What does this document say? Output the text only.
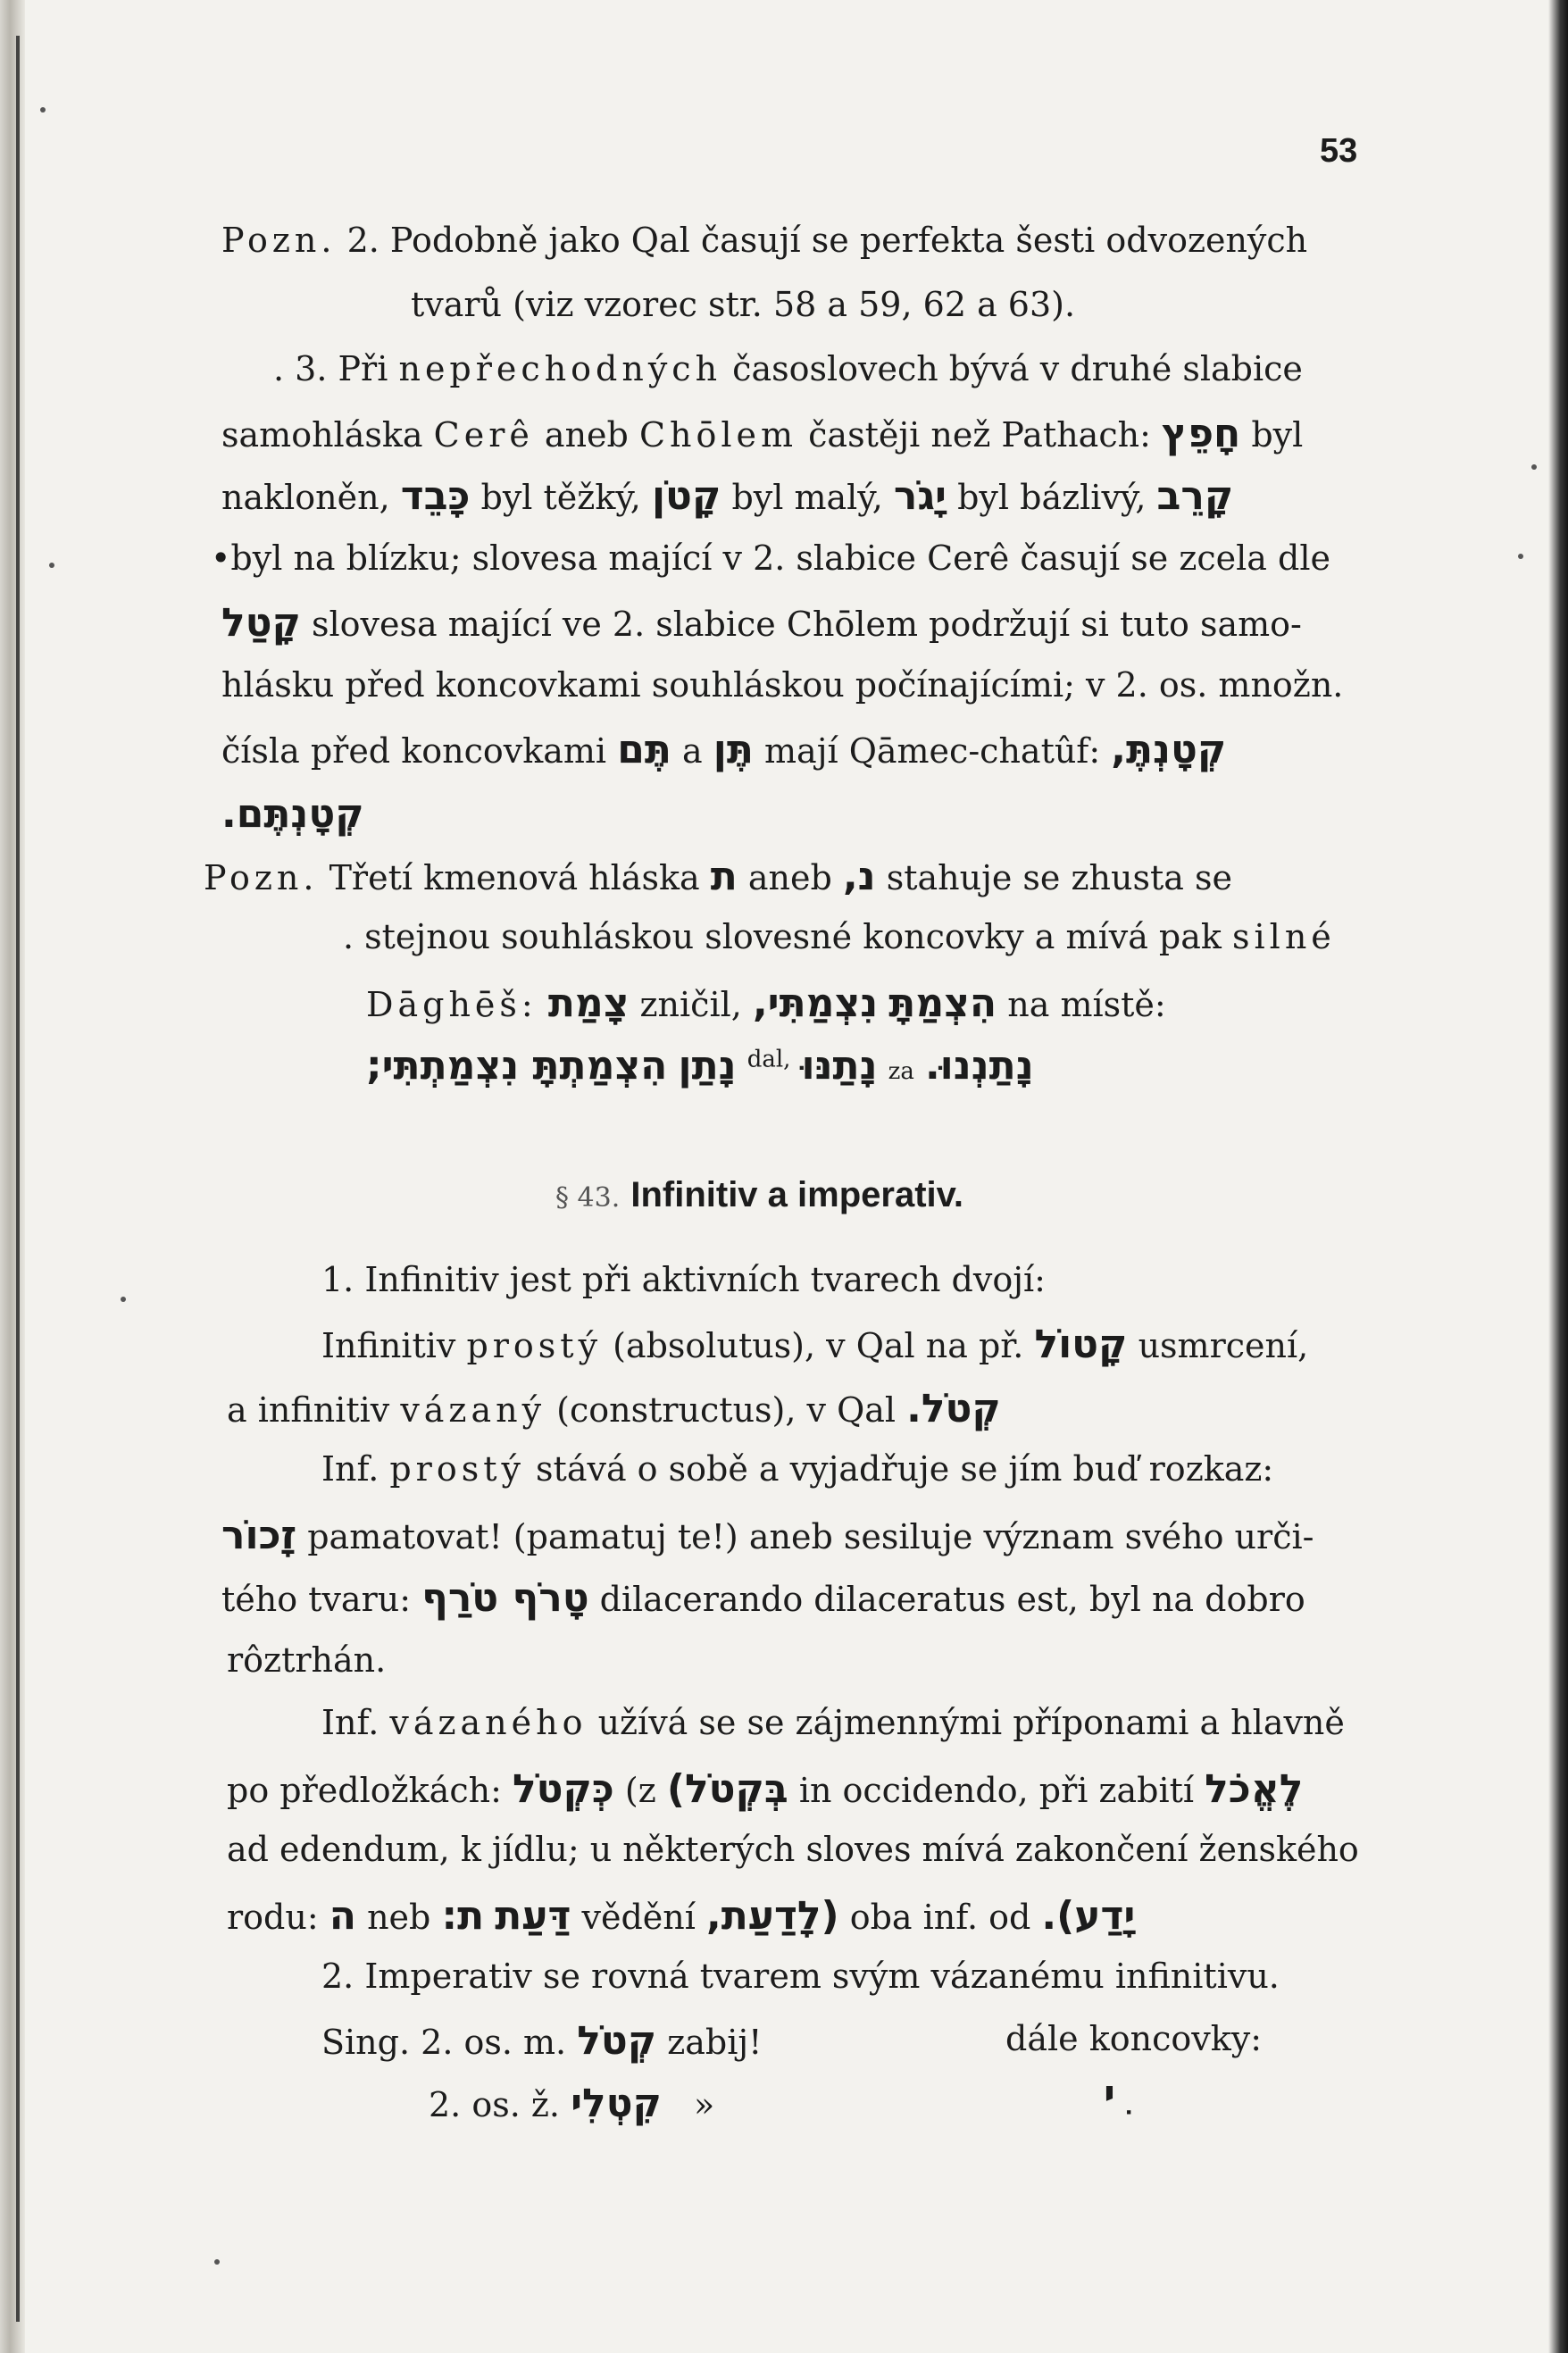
53
Pozn. 2. Podobně jako Qal časují se perfekta šesti odvozených
tvarů (viz vzorec str. 58 a 59, 62 a 63).
. 3. Při nepřechodných časoslovech bývá v druhé slabice
samohláska Cerê aneb Chōlem častěji než Pathach: חָפֵץ byl
nakloněn, כָּבֵד byl těžký, קָטֹן byl malý, יָגֹר byl bázlivý, קָרֵב
•byl na blízku; slovesa mající v 2. slabice Cerê časují se zcela dle
קָטַל slovesa mající ve 2. slabice Chōlem podržují si tuto samo-
hlásku před koncovkami souhláskou počínajícími; v 2. os. množn.
čísla před koncovkami תֶּם a תֶּן mají Qāmec-chatûf: קְטָנְתֶּ,
קְטָנְתֶּם.
Pozn. Třetí kmenová hláska ת aneb נ, stahuje se zhusta se
. stejnou souhláskou slovesné koncovky a mívá pak silné
Dāghēš: צָמַת zničil, נִצְמַתִּי, הִצְמַתָּ na místě:
הִצְמַתְתָּ נִצְמַתְתִּי; נָתַן $^{dal,}$ נָתַנּוּ za נָתַנְנוּ.
§ 43. Infinitiv a imperativ.
1. Infinitiv jest při aktivních tvarech dvojí:
Infinitiv prostý (absolutus), v Qal na př. קָטוֹל usmrcení,
a infinitiv vázaný (constructus), v Qal קְטֹל.
Inf. prostý stává o sobě a vyjadřuje se jím buď rozkaz:
זָכוֹר pamatovat! (pamatuj te!) aneb sesiluje význam svého urči-
tého tvaru: טָרֹף טֹרַף dilacerando dilaceratus est, byl na dobro
rôztrhán.
Inf. vázaného užívá se se zájmennými příponami a hlavně
po předložkách: כְּקְטֹל (z בְּקְטֹל) in occidendo, při zabití לֶאֱכֹל
ad edendum, k jídlu; u některých sloves mívá zakončení ženského
rodu: ה neb ת: דַּעַת vědění (לָדַעַת, oba inf. od יָדַע).
2. Imperativ se rovná tvarem svým vázanému infinitivu.
Sing. 2. os. m. קְטֹל zabij!	dále koncovky:
2. os. ž. קִטְלִי »	ִי
